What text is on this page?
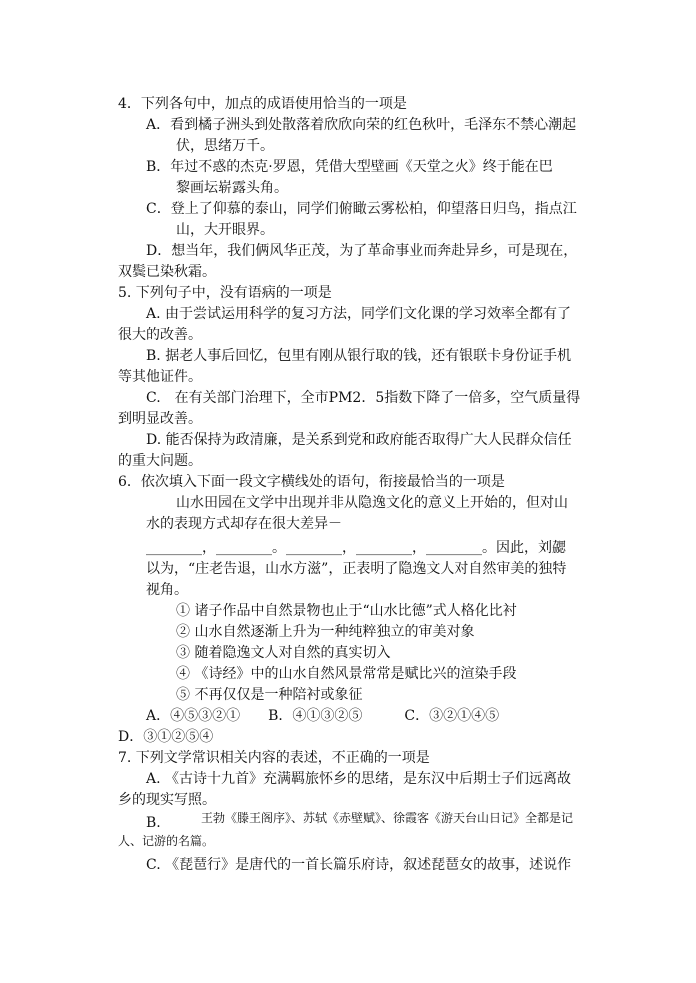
4．下列各句中，加点的成语使用恰当的一项是
A．看到橘子洲头到处散落着欣欣向荣的红色秋叶，毛泽东不禁心潮起
伏，思绪万千。
B．年过不惑的杰克·罗恩，凭借大型壁画《天堂之火》终于能在巴
黎画坛崭露头角。
C．登上了仰慕的泰山，同学们俯瞰云雾松柏，仰望落日归鸟，指点江
山，大开眼界。
D．想当年，我们俩风华正茂，为了革命事业而奔赴异乡，可是现在，
双鬓已染秋霜。
5. 下列句子中，没有语病的一项是
A. 由于尝试运用科学的复习方法，同学们文化课的学习效率全都有了
很大的改善。
B. 据老人事后回忆，包里有刚从银行取的钱，还有银联卡身份证手机
等其他证件。
C.　在有关部门治理下，全市PM2．5指数下降了一倍多，空气质量得
到明显改善。
D. 能否保持为政清廉，是关系到党和政府能否取得广大人民群众信任
的重大问题。
6．依次填入下面一段文字横线处的语句，衔接最恰当的一项是
山水田园在文学中出现并非从隐逸文化的意义上开始的，但对山
水的表现方式却存在很大差异－
________，________。________，________，________。因此，刘勰
以为，“庄老告退，山水方滋”，正表明了隐逸文人对自然审美的独特
视角。
① 诸子作品中自然景物也止于“山水比德”式人格化比衬
② 山水自然逐渐上升为一种纯粹独立的审美对象
③ 随着隐逸文人对自然的真实切入
④ 《诗经》中的山水自然风景常常是赋比兴的渲染手段
⑤ 不再仅仅是一种陪衬或象征
A．④⑤③②①　　B．④①③②⑤　　　C．③②①④⑤
D．③①②⑤④
7. 下列文学常识相关内容的表述，不正确的一项是
A. 《古诗十九首》充满羁旅怀乡的思绪，是东汉中后期士子们远离故
乡的现实写照。
B.	王勃《滕王阁序》、苏轼《赤壁赋》、徐霞客《游天台山日记》全都是记
人、记游的名篇。
C. 《琵琶行》是唐代的一首长篇乐府诗，叙述琵琶女的故事，述说作
